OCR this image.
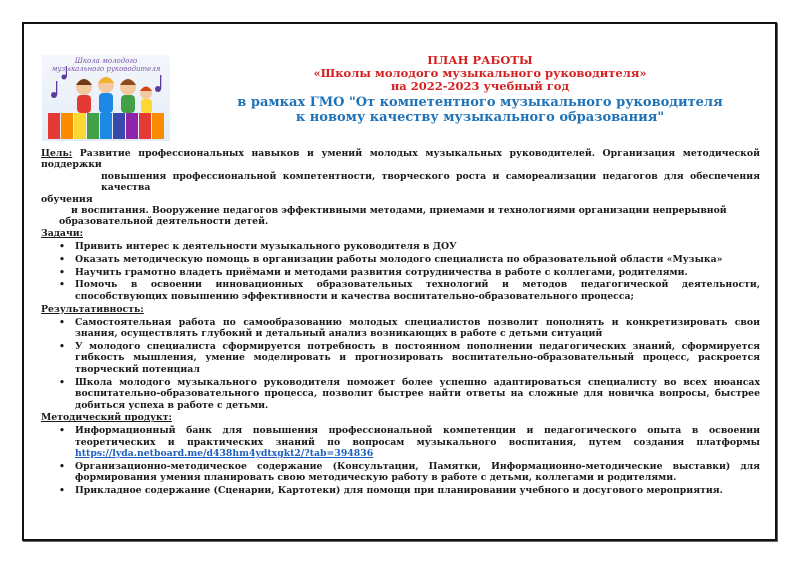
Школа молодого
музыкального руководителя
ПЛАН РАБОТЫ
«Школы молодого музыкального руководителя»
на 2022-2023 учебный год
в рамках ГМО "От компетентного музыкального руководителя
к новому качеству музыкального образования"

Цель: Развитие профессиональных навыков и умений молодых музыкальных руководителей. Организация методической поддержки

повышения профессиональной компетентности, творческого роста и самореализации педагогов для обеспечения качества

обучения

и воспитания. Вооружение педагогов эффективными методами, приемами и технологиями организации непрерывной

образовательной деятельности детей.

Задачи:

• Привить интерес к деятельности музыкального руководителя в ДОУ
• Оказать методическую помощь в организации работы молодого специалиста по образовательной области «Музыка»
• Научить грамотно владеть приёмами и методами развития сотрудничества в работе с коллегами, родителями.
• Помочь в освоении инновационных образовательных технологий и методов педагогической деятельности, способствующих повышению эффективности и качества воспитательно-образовательного процесса;

Результативность:

• Самостоятельная работа по самообразованию молодых специалистов позволит пополнять и конкретизировать свои знания, осуществлять глубокий и детальный анализ возникающих в работе с детьми ситуаций
• У молодого специалиста сформируется потребность в постоянном пополнении педагогических знаний, сформируется гибкость мышления, умение моделировать и прогнозировать воспитательно-образовательный процесс, раскроется творческий потенциал
• Школа молодого музыкального руководителя поможет более успешно адаптироваться специалисту во всех нюансах воспитательно-образовательного процесса, позволит быстрее найти ответы на сложные для новичка вопросы, быстрее добиться успеха в работе с детьми.

Методический продукт:

• Информационный банк для повышения профессиональной компетенции и педагогического опыта в освоении теоретических и практических знаний по вопросам музыкального воспитания, путем создания платформы https://lyda.netboard.me/d438hm4ydtxgkt2/?tab=394836
• Организационно-методическое содержание (Консультации, Памятки, Информационно-методические выставки) для формирования умения планировать свою методическую работу в работе с детьми, коллегами и родителями.
• Прикладное содержание (Сценарии, Картотеки) для помощи при планировании учебного и досугового мероприятия.
